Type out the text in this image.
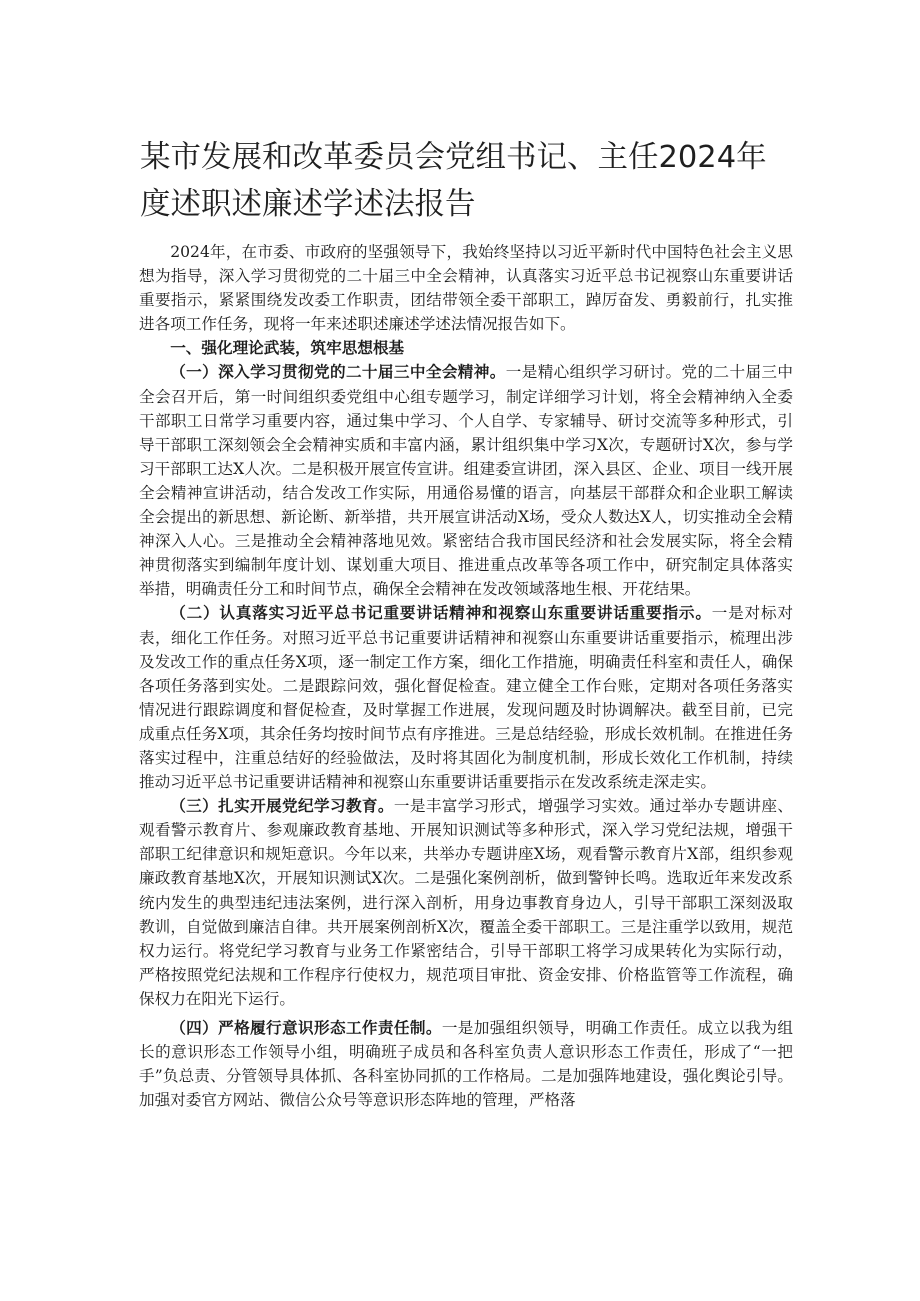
某市发展和改革委员会党组书记、主任2024年度述职述廉述学述法报告

2024年，在市委、市政府的坚强领导下，我始终坚持以习近平新时代中国特色社会主义思想为指导，深入学习贯彻党的二十届三中全会精神，认真落实习近平总书记视察山东重要讲话重要指示，紧紧围绕发改委工作职责，团结带领全委干部职工，踔厉奋发、勇毅前行，扎实推进各项工作任务，现将一年来述职述廉述学述法情况报告如下。

一、强化理论武装，筑牢思想根基

（一）深入学习贯彻党的二十届三中全会精神。一是精心组织学习研讨。党的二十届三中全会召开后，第一时间组织委党组中心组专题学习，制定详细学习计划，将全会精神纳入全委干部职工日常学习重要内容，通过集中学习、个人自学、专家辅导、研讨交流等多种形式，引导干部职工深刻领会全会精神实质和丰富内涵，累计组织集中学习X次，专题研讨X次，参与学习干部职工达X人次。二是积极开展宣传宣讲。组建委宣讲团，深入县区、企业、项目一线开展全会精神宣讲活动，结合发改工作实际，用通俗易懂的语言，向基层干部群众和企业职工解读全会提出的新思想、新论断、新举措，共开展宣讲活动X场，受众人数达X人，切实推动全会精神深入人心。三是推动全会精神落地见效。紧密结合我市国民经济和社会发展实际，将全会精神贯彻落实到编制年度计划、谋划重大项目、推进重点改革等各项工作中，研究制定具体落实举措，明确责任分工和时间节点，确保全会精神在发改领域落地生根、开花结果。

（二）认真落实习近平总书记重要讲话精神和视察山东重要讲话重要指示。一是对标对表，细化工作任务。对照习近平总书记重要讲话精神和视察山东重要讲话重要指示，梳理出涉及发改工作的重点任务X项，逐一制定工作方案，细化工作措施，明确责任科室和责任人，确保各项任务落到实处。二是跟踪问效，强化督促检查。建立健全工作台账，定期对各项任务落实情况进行跟踪调度和督促检查，及时掌握工作进展，发现问题及时协调解决。截至目前，已完成重点任务X项，其余任务均按时间节点有序推进。三是总结经验，形成长效机制。在推进任务落实过程中，注重总结好的经验做法，及时将其固化为制度机制，形成长效化工作机制，持续推动习近平总书记重要讲话精神和视察山东重要讲话重要指示在发改系统走深走实。

（三）扎实开展党纪学习教育。一是丰富学习形式，增强学习实效。通过举办专题讲座、观看警示教育片、参观廉政教育基地、开展知识测试等多种形式，深入学习党纪法规，增强干部职工纪律意识和规矩意识。今年以来，共举办专题讲座X场，观看警示教育片X部，组织参观廉政教育基地X次，开展知识测试X次。二是强化案例剖析，做到警钟长鸣。选取近年来发改系统内发生的典型违纪违法案例，进行深入剖析，用身边事教育身边人，引导干部职工深刻汲取教训，自觉做到廉洁自律。共开展案例剖析X次，覆盖全委干部职工。三是注重学以致用，规范权力运行。将党纪学习教育与业务工作紧密结合，引导干部职工将学习成果转化为实际行动，严格按照党纪法规和工作程序行使权力，规范项目审批、资金安排、价格监管等工作流程，确保权力在阳光下运行。

（四）严格履行意识形态工作责任制。一是加强组织领导，明确工作责任。成立以我为组长的意识形态工作领导小组，明确班子成员和各科室负责人意识形态工作责任，形成了“一把手”负总责、分管领导具体抓、各科室协同抓的工作格局。二是加强阵地建设，强化舆论引导。加强对委官方网站、微信公众号等意识形态阵地的管理，严格落
